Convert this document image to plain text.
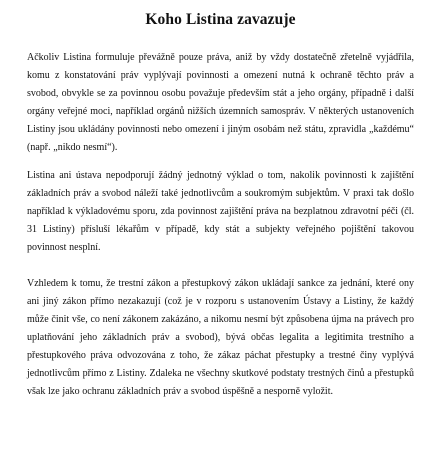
Koho Listina zavazuje

Ačkoliv Listina formuluje převážně pouze práva, aniž by vždy dostatečně zřetelně vyjádřila, komu z konstatování práv vyplývají povinnosti a omezení nutná k ochraně těchto práv a svobod, obvykle se za povinnou osobu považuje především stát a jeho orgány, případně i další orgány veřejné moci, například orgánů nižších územních samospráv. V některých ustanoveních Listiny jsou ukládány povinnosti nebo omezení i jiným osobám než státu, zpravidla „každému“ (např. „nikdo nesmí“).

Listina ani ústava nepodporují žádný jednotný výklad o tom, nakolik povinnosti k zajištění základních práv a svobod náleží také jednotlivcům a soukromým subjektům. V praxi tak došlo například k výkladovému sporu, zda povinnost zajištění práva na bezplatnou zdravotní péči (čl. 31 Listiny) přísluší lékařům v případě, kdy stát a subjekty veřejného pojištění takovou povinnost nesplní.

Vzhledem k tomu, že trestní zákon a přestupkový zákon ukládají sankce za jednání, které ony ani jiný zákon přímo nezakazují (což je v rozporu s ustanovením Ústavy a Listiny, že každý může činit vše, co není zákonem zakázáno, a nikomu nesmí být způsobena újma na právech pro uplatňování jeho základních práv a svobod), bývá občas legalita a legitimita trestního a přestupkového práva odvozována z toho, že zákaz páchat přestupky a trestné činy vyplývá jednotlivcům přímo z Listiny. Zdaleka ne všechny skutkové podstaty trestných činů a přestupků však lze jako ochranu základních práv a svobod úspěšně a nesporně vyložit.
